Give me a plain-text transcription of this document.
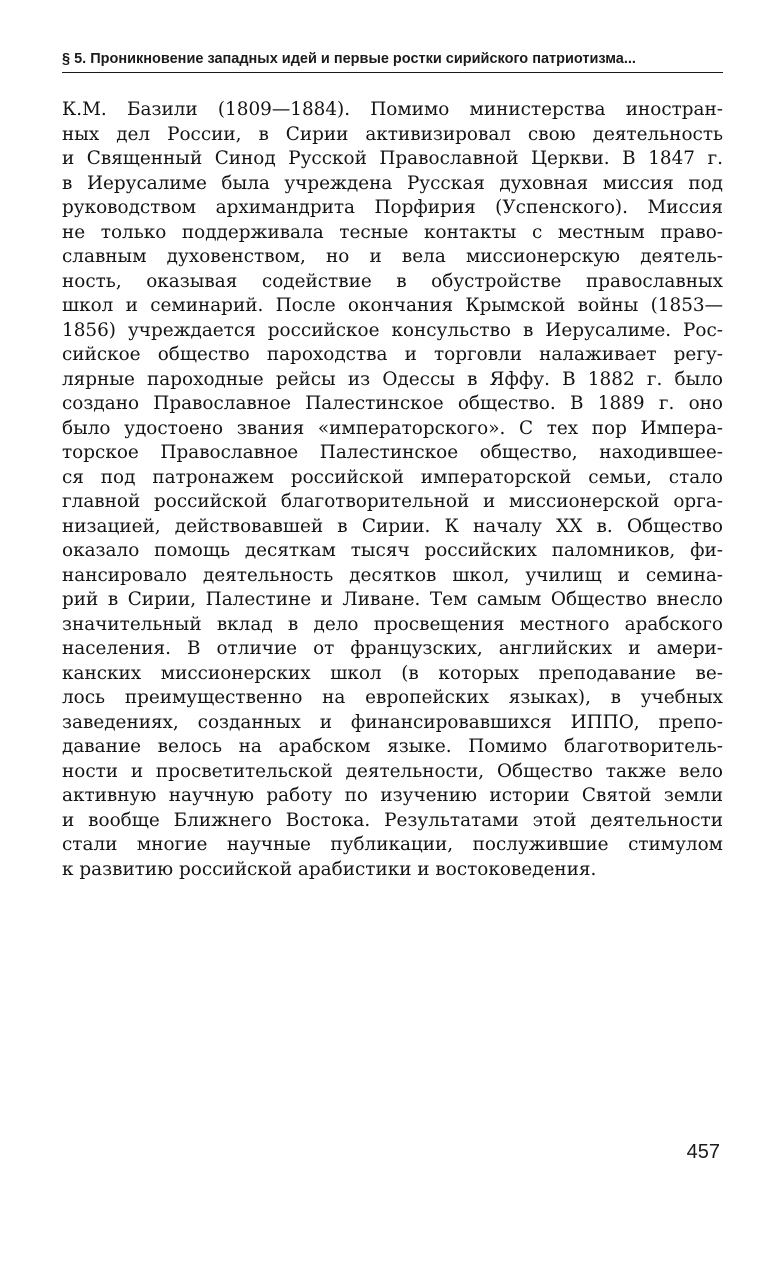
§ 5. Проникновение западных идей и первые ростки сирийского патриотизма...
К.М. Базили (1809—1884). Помимо министерства иностран-
ных дел России, в Сирии активизировал свою деятельность
и Священный Синод Русской Православной Церкви. В 1847 г.
в Иерусалиме была учреждена Русская духовная миссия под
руководством архимандрита Порфирия (Успенского). Миссия
не только поддерживала тесные контакты с местным право-
славным духовенством, но и вела миссионерскую деятель-
ность, оказывая содействие в обустройстве православных
школ и семинарий. После окончания Крымской войны (1853—
1856) учреждается российское консульство в Иерусалиме. Рос-
сийское общество пароходства и торговли налаживает регу-
лярные пароходные рейсы из Одессы в Яффу. В 1882 г. было
создано Православное Палестинское общество. В 1889 г. оно
было удостоено звания «императорского». С тех пор Импера-
торское Православное Палестинское общество, находившее-
ся под патронажем российской императорской семьи, стало
главной российской благотворительной и миссионерской орга-
низацией, действовавшей в Сирии. К началу XX в. Общество
оказало помощь десяткам тысяч российских паломников, фи-
нансировало деятельность десятков школ, училищ и семина-
рий в Сирии, Палестине и Ливане. Тем самым Общество внесло
значительный вклад в дело просвещения местного арабского
населения. В отличие от французских, английских и амери-
канских миссионерских школ (в которых преподавание ве-
лось преимущественно на европейских языках), в учебных
заведениях, созданных и финансировавшихся ИППО, препо-
давание велось на арабском языке. Помимо благотворитель-
ности и просветительской деятельности, Общество также вело
активную научную работу по изучению истории Святой земли
и вообще Ближнего Востока. Результатами этой деятельности
стали многие научные публикации, послужившие стимулом
к развитию российской арабистики и востоковедения.
457
